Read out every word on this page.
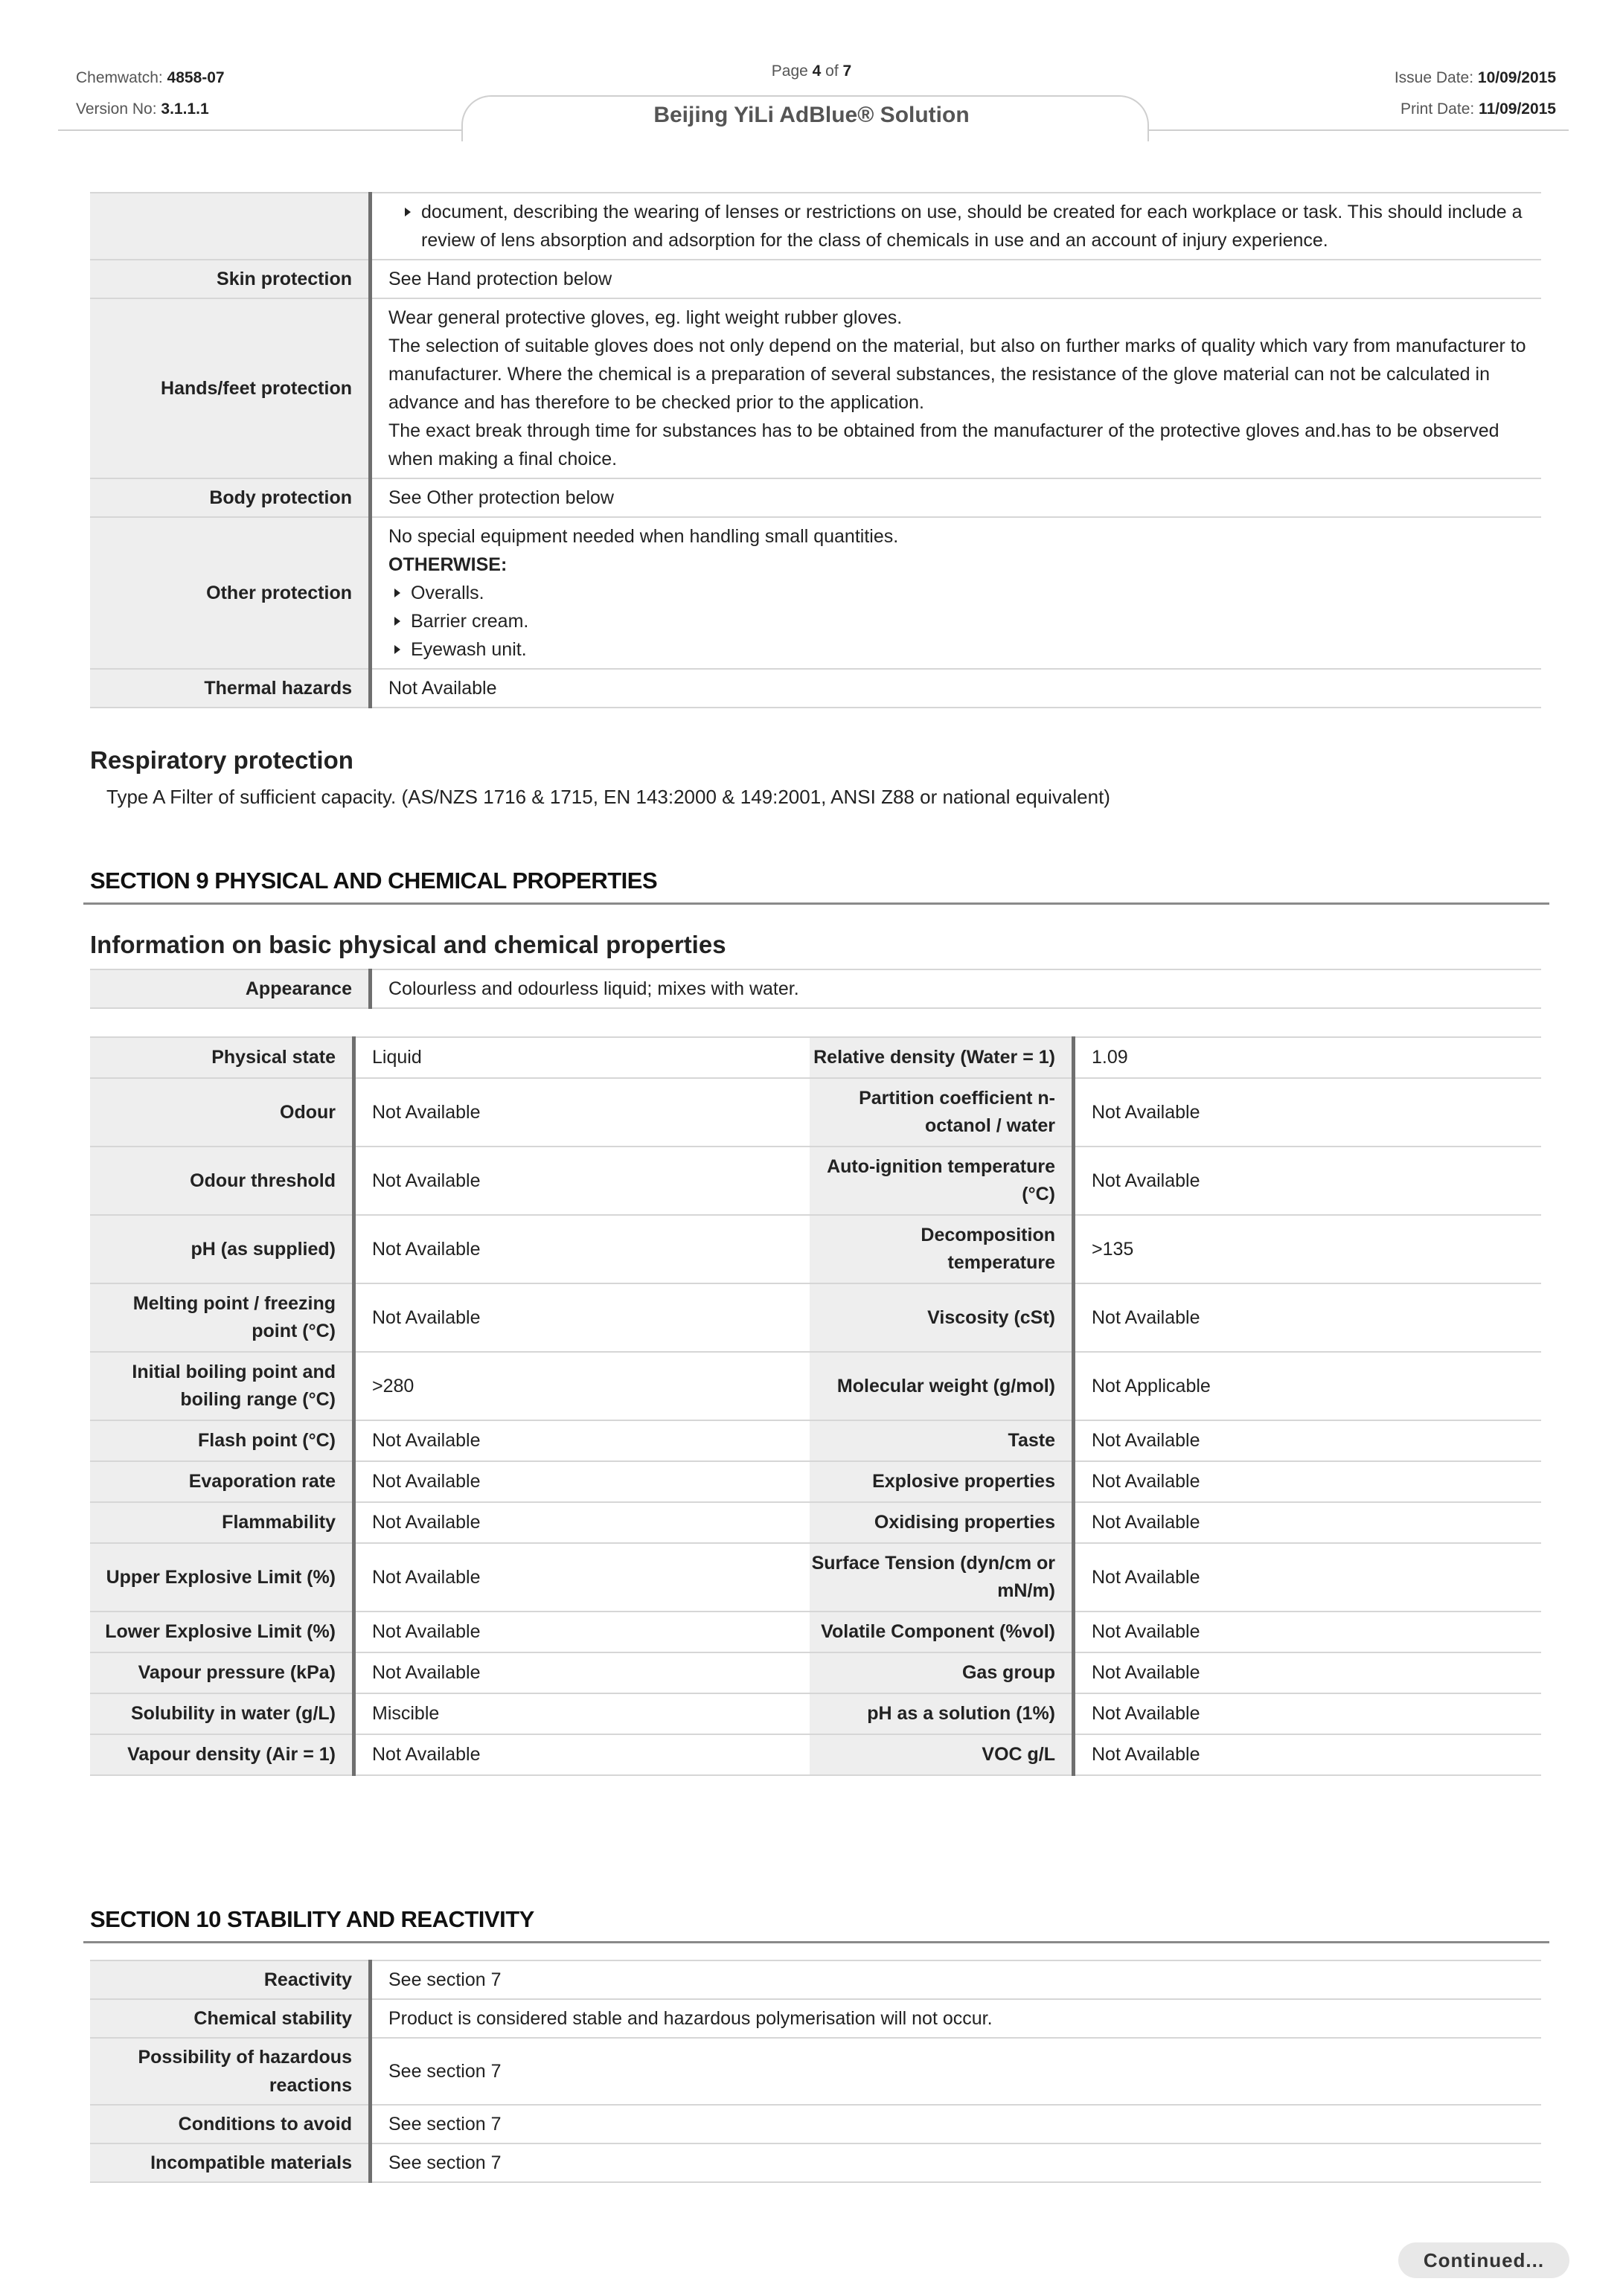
Chemwatch: 4858-07
Version No: 3.1.1.1
Page 4 of 7	Issue Date: 10/09/2015
Print Date: 11/09/2015
Beijing YiLi AdBlue® Solution

	document, describing the wearing of lenses or restrictions on use, should be created for each workplace or task. This should include a review of lens absorption and adsorption for the class of chemicals in use and an account of injury experience.

Skin protection	See Hand protection below
Hands/feet protection	Wear general protective gloves, eg. light weight rubber gloves.
The selection of suitable gloves does not only depend on the material, but also on further marks of quality which vary from manufacturer to manufacturer. Where the chemical is a preparation of several substances, the resistance of the glove material can not be calculated in advance and has therefore to be checked prior to the application.
The exact break through time for substances has to be obtained from the manufacturer of the protective gloves and.has to be observed when making a final choice.

Body protection	See Other protection below
Other protection	No special equipment needed when handling small quantities.
OTHERWISE:
Overalls.
Barrier cream.
Eyewash unit.

Thermal hazards	Not Available
Respiratory protection
Type A Filter of sufficient capacity. (AS/NZS 1716 & 1715, EN 143:2000 & 149:2001, ANSI Z88 or national equivalent)
SECTION 9 PHYSICAL AND CHEMICAL PROPERTIES
Information on basic physical and chemical properties
Appearance	Colourless and odourless liquid; mixes with water.
Physical state	Liquid	Relative density (Water = 1)	1.09
Odour	Not Available	Partition coefficient n-octanol / water	Not Available
Odour threshold	Not Available	Auto-ignition temperature (°C)	Not Available
pH (as supplied)	Not Available	Decomposition temperature	>135
Melting point / freezing point (°C)	Not Available	Viscosity (cSt)	Not Available
Initial boiling point and boiling range (°C)	>280	Molecular weight (g/mol)	Not Applicable
Flash point (°C)	Not Available	Taste	Not Available
Evaporation rate	Not Available	Explosive properties	Not Available
Flammability	Not Available	Oxidising properties	Not Available
Upper Explosive Limit (%)	Not Available	Surface Tension (dyn/cm or mN/m)	Not Available
Lower Explosive Limit (%)	Not Available	Volatile Component (%vol)	Not Available
Vapour pressure (kPa)	Not Available	Gas group	Not Available
Solubility in water (g/L)	Miscible	pH as a solution (1%)	Not Available
Vapour density (Air = 1)	Not Available	VOC g/L	Not Available
SECTION 10 STABILITY AND REACTIVITY
Reactivity	See section 7
Chemical stability	Product is considered stable and hazardous polymerisation will not occur.
Possibility of hazardous reactions	See section 7
Conditions to avoid	See section 7
Incompatible materials	See section 7
Continued...
